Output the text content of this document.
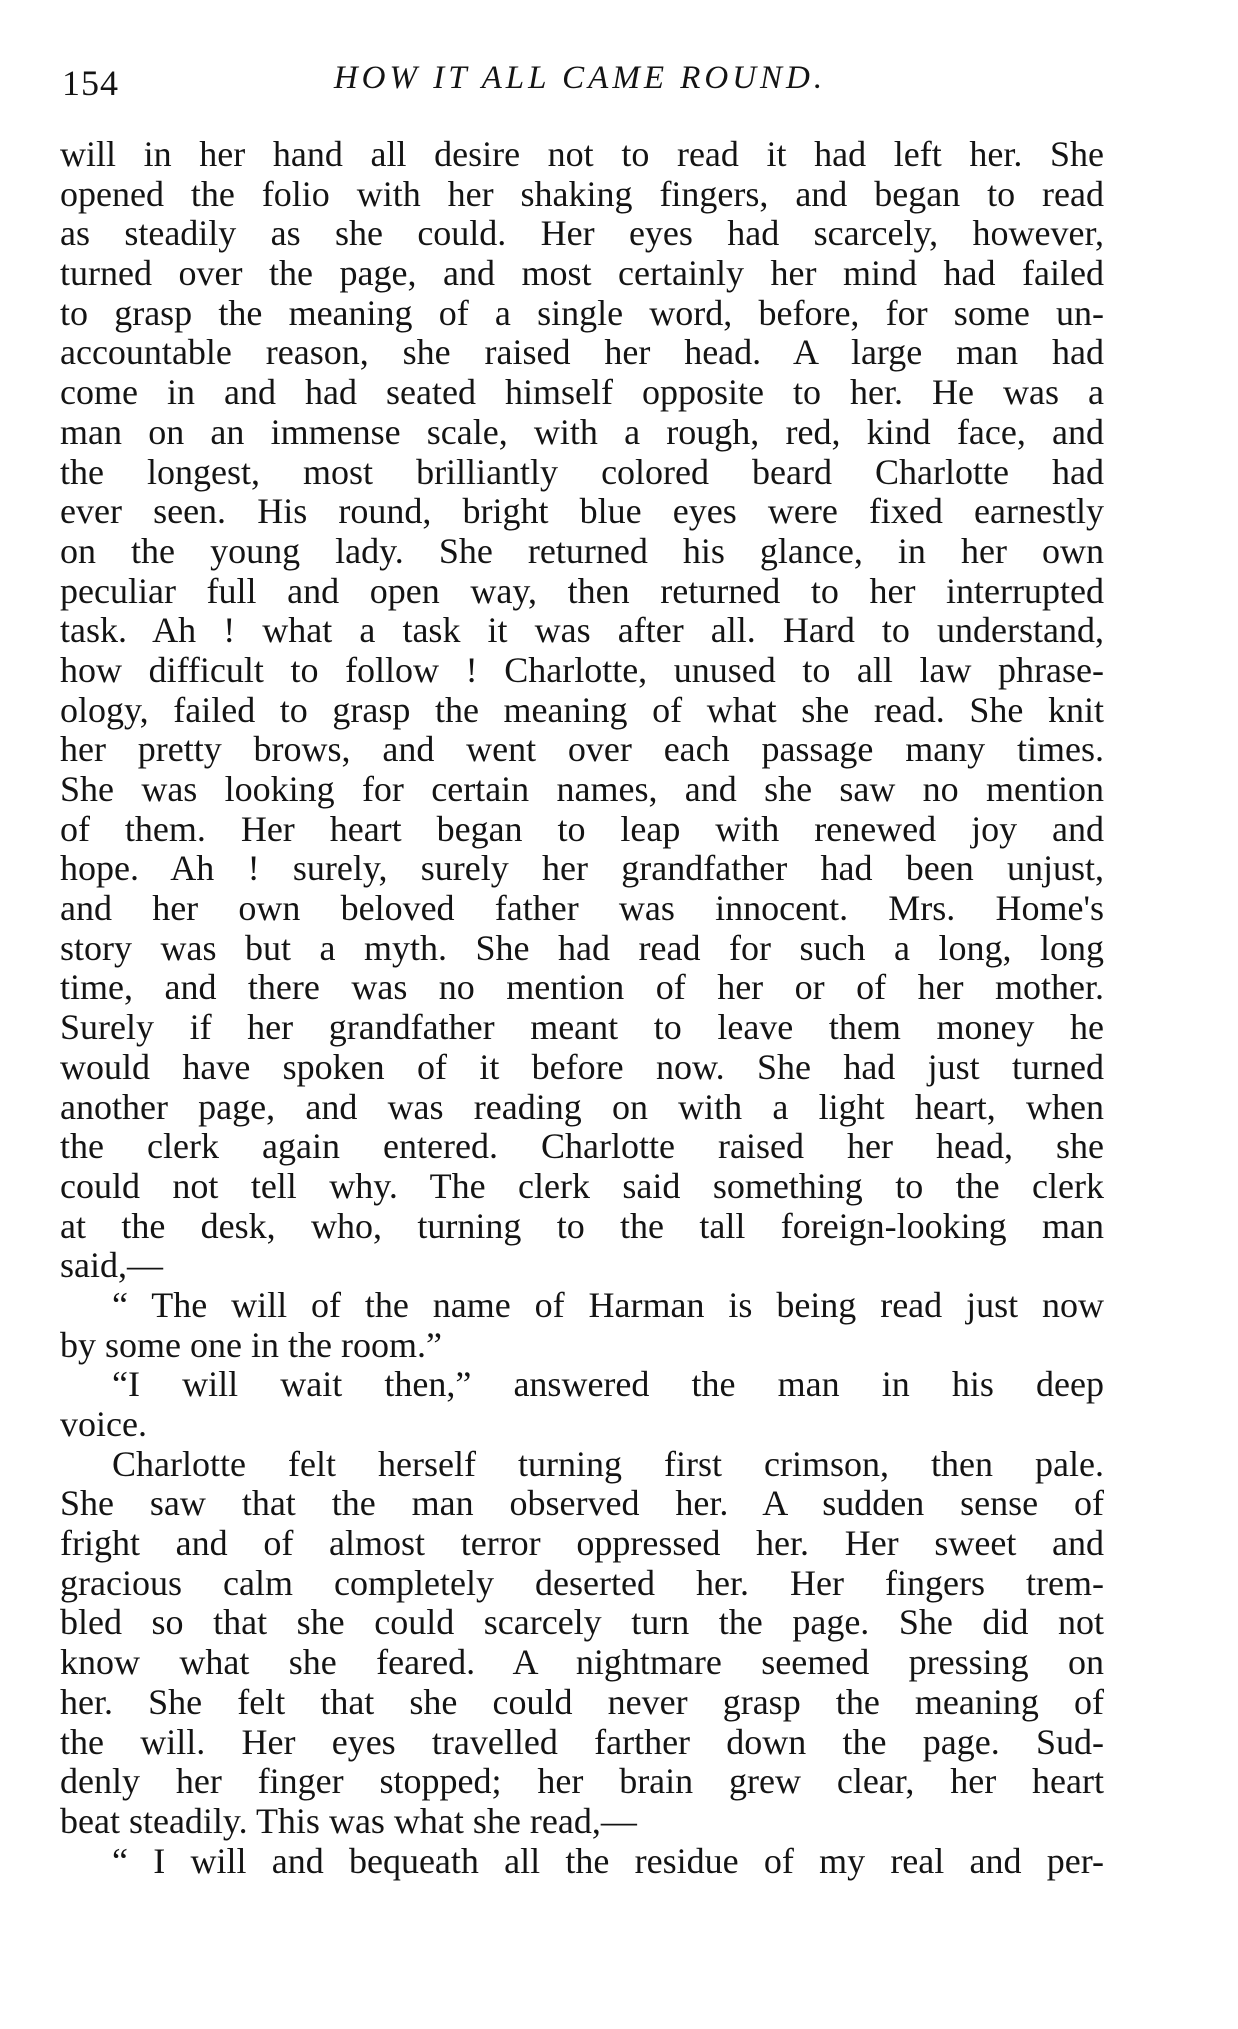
154	HOW IT ALL CAME ROUND.
will in her hand all desire not to read it had left her. She
opened the folio with her shaking fingers, and began to read
as steadily as she could. Her eyes had scarcely, however,
turned over the page, and most certainly her mind had failed
to grasp the meaning of a single word, before, for some un-
accountable reason, she raised her head. A large man had
come in and had seated himself opposite to her. He was a
man on an immense scale, with a rough, red, kind face, and
the longest, most brilliantly colored beard Charlotte had
ever seen. His round, bright blue eyes were fixed earnestly
on the young lady. She returned his glance, in her own
peculiar full and open way, then returned to her interrupted
task. Ah ! what a task it was after all. Hard to understand,
how difficult to follow ! Charlotte, unused to all law phrase-
ology, failed to grasp the meaning of what she read. She knit
her pretty brows, and went over each passage many times.
She was looking for certain names, and she saw no mention
of them. Her heart began to leap with renewed joy and
hope. Ah ! surely, surely her grandfather had been unjust,
and her own beloved father was innocent. Mrs. Home's
story was but a myth. She had read for such a long, long
time, and there was no mention of her or of her mother.
Surely if her grandfather meant to leave them money he
would have spoken of it before now. She had just turned
another page, and was reading on with a light heart, when
the clerk again entered. Charlotte raised her head, she
could not tell why. The clerk said something to the clerk
at the desk, who, turning to the tall foreign-looking man
said,—
“ The will of the name of Harman is being read just now
by some one in the room.”
“I will wait then,” answered the man in his deep
voice.
Charlotte felt herself turning first crimson, then pale.
She saw that the man observed her. A sudden sense of
fright and of almost terror oppressed her. Her sweet and
gracious calm completely deserted her. Her fingers trem-
bled so that she could scarcely turn the page. She did not
know what she feared. A nightmare seemed pressing on
her. She felt that she could never grasp the meaning of
the will. Her eyes travelled farther down the page. Sud-
denly her finger stopped; her brain grew clear, her heart
beat steadily. This was what she read,—
“ I will and bequeath all the residue of my real and per-
